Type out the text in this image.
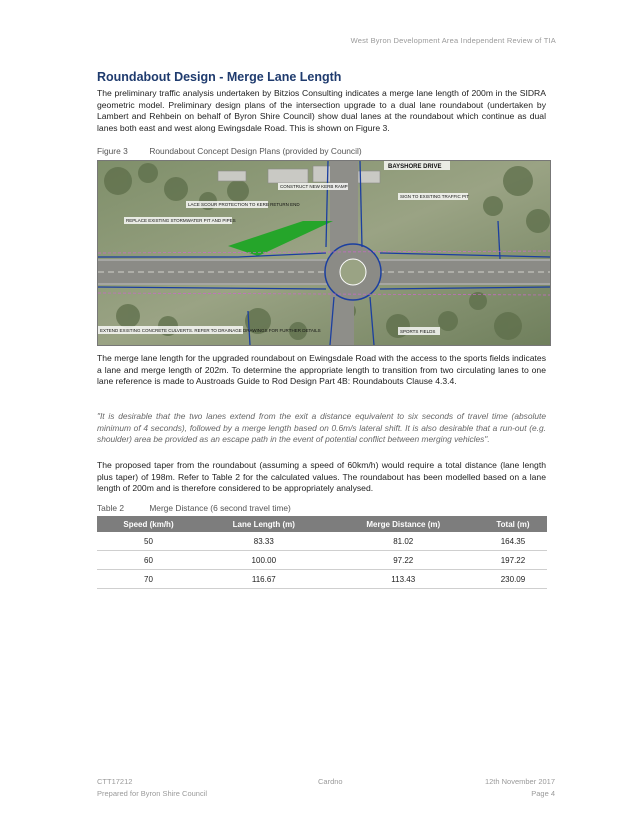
West Byron Development Area Independent Review of TIA
Roundabout Design - Merge Lane Length
The preliminary traffic analysis undertaken by Bitzios Consulting indicates a merge lane length of 200m in the SIDRA geometric model. Preliminary design plans of the intersection upgrade to a dual lane roundabout (undertaken by Lambert and Rehbein on behalf of Byron Shire Council) show dual lanes at the roundabout which continue as dual lanes both east and west along Ewingsdale Road. This is shown on Figure 3.
Figure 3	Roundabout Concept Design Plans (provided by Council)
BAYSHORE DRIVE
CONSTRUCT NEW KERB RAMP
LACE SCOUR PROTECTION TO KERB RETURN END
REPLACE EXISTING STORMWATER PIT AND PIPES
SIGN TO EXISTING TRAFFIC PIT
EXTEND EXISTING CONCRETE CULVERTS. REFER TO DRAINAGE DRAWINGS FOR FURTHER DETAILS	SPORTS FIELDS
The merge lane length for the upgraded roundabout on Ewingsdale Road with the access to the sports fields indicates a lane and merge length of 202m. To determine the appropriate length to transition from two circulating lanes to one lane reference is made to Austroads Guide to Rod Design Part 4B: Roundabouts Clause 4.3.4.
"It is desirable that the two lanes extend from the exit a distance equivalent to six seconds of travel time (absolute minimum of 4 seconds), followed by a merge length based on 0.6m/s lateral shift. It is also desirable that a run-out (e.g. shoulder) area be provided as an escape path in the event of potential conflict between merging vehicles".
The proposed taper from the roundabout (assuming a speed of 60km/h) would require a total distance (lane length plus taper) of 198m. Refer to Table 2 for the calculated values. The roundabout has been modelled based on a lane length of 200m and is therefore considered to be appropriately analysed.
Table 2	Merge Distance (6 second travel time)
Speed (km/h)	Lane Length (m)	Merge Distance (m)	Total (m)
50	83.33	81.02	164.35
60	100.00	97.22	197.22
70	116.67	113.43	230.09
CTT17212	Cardno	12th November 2017
Prepared for Byron Shire Council	Page 4
